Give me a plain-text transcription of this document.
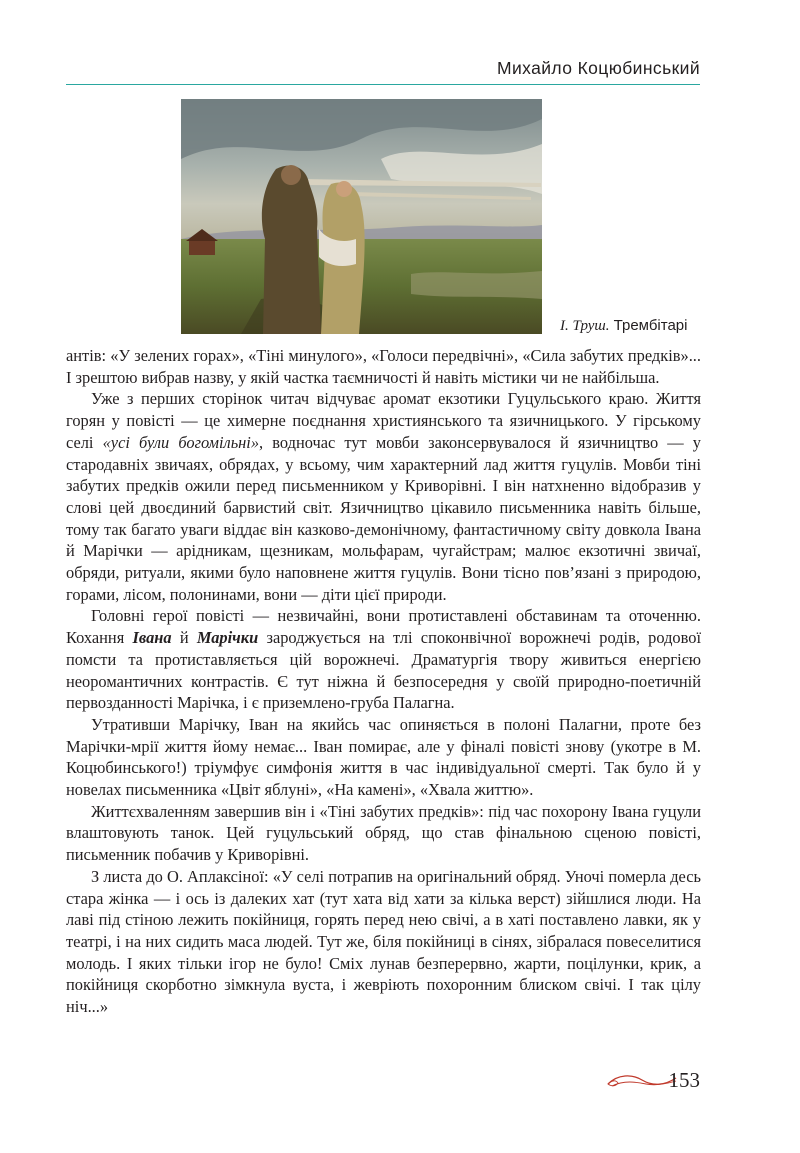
Михайло Коцюбинський
І. Труш. Трембітарі

антів: «У зелених горах», «Тіні минулого», «Голоси передвічні», «Сила забутих предків»... І зрештою вибрав назву, у якій частка таємничості й навіть містики чи не найбільша.

Уже з перших сторінок читач відчуває аромат екзотики Гуцульського краю. Життя горян у повісті — це химерне поєднання християнського та язичницького. У гірському селі «усі були богомільні», водночас тут мовби законсервувалося й язичництво — у стародавніх звичаях, обрядах, у всьому, чим характерний лад життя гуцулів. Мовби тіні забутих предків ожили перед письменником у Криворівні. І він натхненно відобразив у слові цей двоєдиний барвистий світ. Язичництво цікавило письменника навіть більше, тому так багато уваги віддає він казково-демонічному, фантастичному світу довкола Івана й Марічки — арідникам, щезникам, мольфарам, чугайстрам; малює екзотичні звичаї, обряди, ритуали, якими було наповнене життя гуцулів. Вони тісно пов’язані з природою, горами, лісом, полонинами, вони — діти цієї природи.

Головні герої повісті — незвичайні, вони протиставлені обставинам та оточенню. Кохання Івана й Марічки зароджується на тлі споконвічної ворожнечі родів, родової помсти та протиставляється цій ворожнечі. Драматургія твору живиться енергією неоромантичних контрастів. Є тут ніжна й безпосередня у своїй природно-поетичній первозданності Марічка, і є приземлено-груба Палагна.

Утративши Марічку, Іван на якийсь час опиняється в полоні Палагни, проте без Марічки-мрії життя йому немає... Іван помирає, але у фіналі повісті знову (укотре в М. Коцюбинського!) тріумфує симфонія життя в час індивідуальної смерті. Так було й у новелах письменника «Цвіт яблуні», «На камені», «Хвала життю».

Життєхваленням завершив він і «Тіні забутих предків»: під час похорону Івана гуцули влаштовують танок. Цей гуцульський обряд, що став фінальною сценою повісті, письменник побачив у Криворівні.

З листа до О. Аплаксіної: «У селі потрапив на оригінальний обряд. Уночі померла десь стара жінка — і ось із далеких хат (тут хата від хати за кілька верст) зійшлися люди. На лаві під стіною лежить покійниця, горять перед нею свічі, а в хаті поставлено лавки, як у театрі, і на них сидить маса людей. Тут же, біля покійниці в сінях, зібралася повеселитися молодь. І яких тільки ігор не було! Сміх лунав безперервно, жарти, поцілунки, крик, а покійниця скорботно зімкнула вуста, і жевріють похоронним блиском свічі. І так цілу ніч...»

153
